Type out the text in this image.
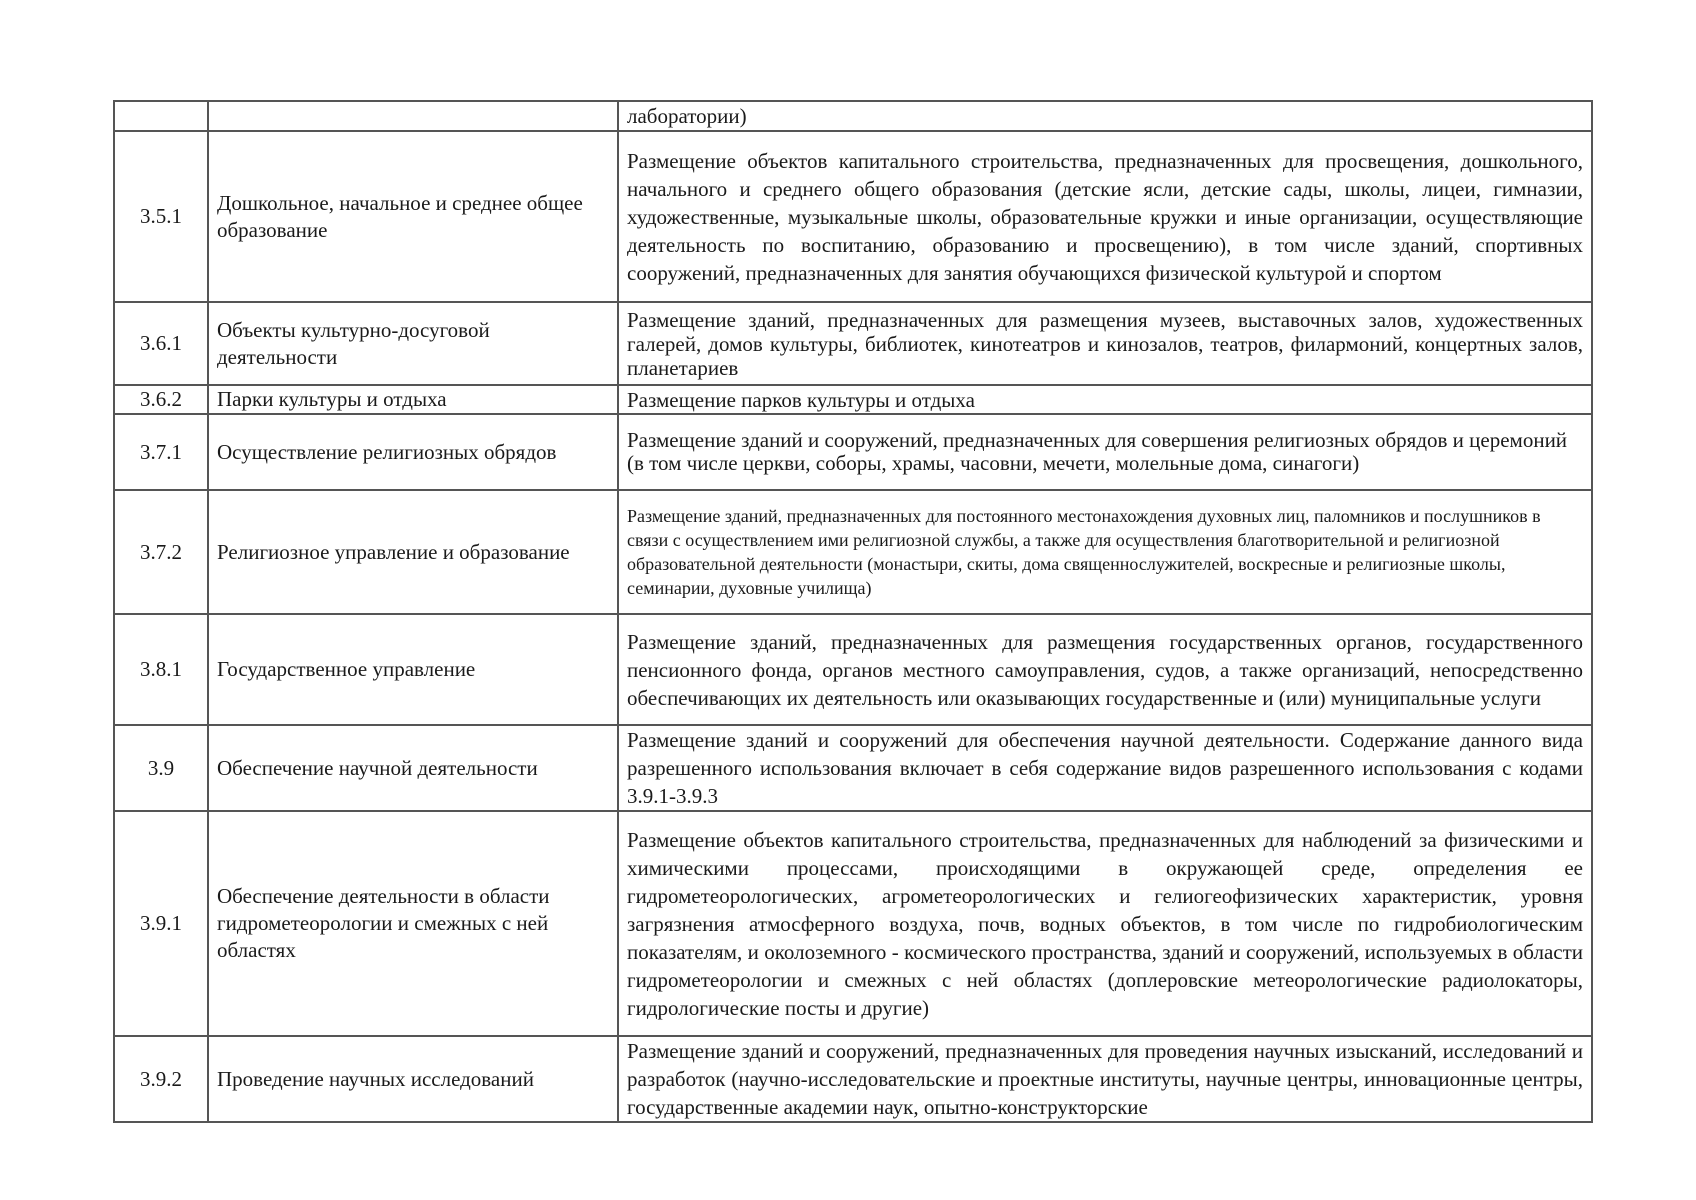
		лаборатории)
3.5.1	Дошкольное, начальное и среднее общее образование	Размещение объектов капитального строительства, предназначенных для просвещения, дошкольного, начального и среднего общего образования (детские ясли, детские сады, школы, лицеи, гимназии, художественные, музыкальные школы, образовательные кружки и иные организации, осуществляющие деятельность по воспитанию, образованию и просвещению), в том числе зданий, спортивных сооружений, предназначенных для занятия обучающихся физической культурой и спортом
3.6.1	Объекты культурно-досуговой деятельности	Размещение зданий, предназначенных для размещения музеев, выставочных залов, художественных галерей, домов культуры, библиотек, кинотеатров и кинозалов, театров, филармоний, концертных залов, планетариев
3.6.2	Парки культуры и отдыха	Размещение парков культуры и отдыха
3.7.1	Осуществление религиозных обрядов	Размещение зданий и сооружений, предназначенных для совершения религиозных обрядов и церемоний (в том числе церкви, соборы, храмы, часовни, мечети, молельные дома, синагоги)
3.7.2	Религиозное управление и образование	Размещение зданий, предназначенных для постоянного местонахождения духовных лиц, паломников и послушников в связи с осуществлением ими религиозной службы, а также для осуществления благотворительной и религиозной образовательной деятельности (монастыри, скиты, дома священнослужителей, воскресные и религиозные школы, семинарии, духовные училища)
3.8.1	Государственное управление	Размещение зданий, предназначенных для размещения государственных органов, государственного пенсионного фонда, органов местного самоуправления, судов, а также организаций, непосредственно обеспечивающих их деятельность или оказывающих государственные и (или) муниципальные услуги
3.9	Обеспечение научной деятельности	Размещение зданий и сооружений для обеспечения научной деятельности. Содержание данного вида разрешенного использования включает в себя содержание видов разрешенного использования с кодами 3.9.1-3.9.3
3.9.1	Обеспечение деятельности в области гидрометеорологии и смежных с ней областях	Размещение объектов капитального строительства, предназначенных для наблюдений за физическими и химическими процессами, происходящими в окружающей среде, определения ее гидрометеорологических, агрометеорологических и гелиогеофизических характеристик, уровня загрязнения атмосферного воздуха, почв, водных объектов, в том числе по гидробиологическим показателям, и околоземного - космического пространства, зданий и сооружений, используемых в области гидрометеорологии и смежных с ней областях (доплеровские метеорологические радиолокаторы, гидрологические посты и другие)
3.9.2	Проведение научных исследований	Размещение зданий и сооружений, предназначенных для проведения научных изысканий, исследований и разработок (научно-исследовательские и проектные институты, научные центры, инновационные центры, государственные академии наук, опытно-конструкторские
